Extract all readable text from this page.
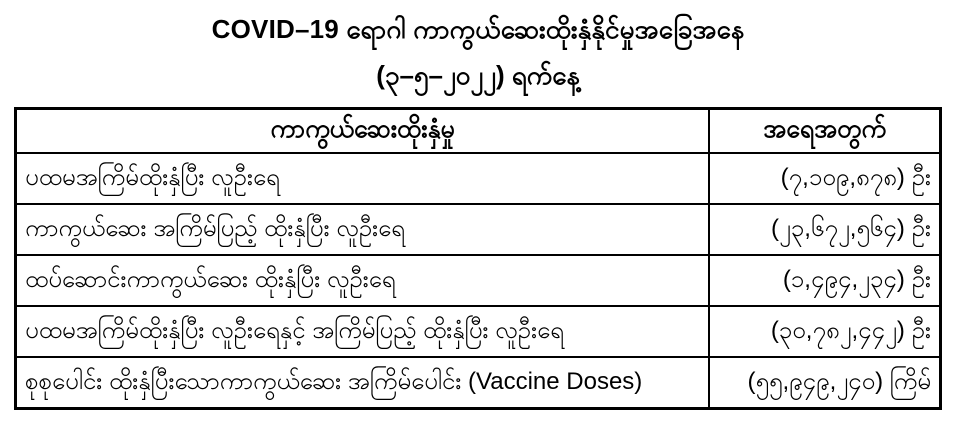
COVID–19 ရောဂါ ကာကွယ်ဆေးထိုးနှံနိုင်မှုအခြေအနေ
(၃–၅–၂၀၂၂) ရက်နေ့
ကာကွယ်ဆေးထိုးနှံမှု	အရေအတွက်
ပထမအကြိမ်ထိုးနှံပြီး လူဦးရေ	(၇,၁၀၉,၈၇၈) ဦး
ကာကွယ်ဆေး အကြိမ်ပြည့် ထိုးနှံပြီး လူဦးရေ	(၂၃,၆၇၂,၅၆၄) ဦး
ထပ်ဆောင်းကာကွယ်ဆေး ထိုးနှံပြီး လူဦးရေ	(၁,၄၉၄,၂၃၄) ဦး
ပထမအကြိမ်ထိုးနှံပြီး လူဦးရေနှင့် အကြိမ်ပြည့် ထိုးနှံပြီး လူဦးရေ	(၃၀,၇၈၂,၄၄၂) ဦး
စုစုပေါင်း ထိုးနှံပြီးသောကာကွယ်ဆေး အကြိမ်ပေါင်း (Vaccine Doses)	(၅၅,၉၄၉,၂၄၀) ကြိမ်
